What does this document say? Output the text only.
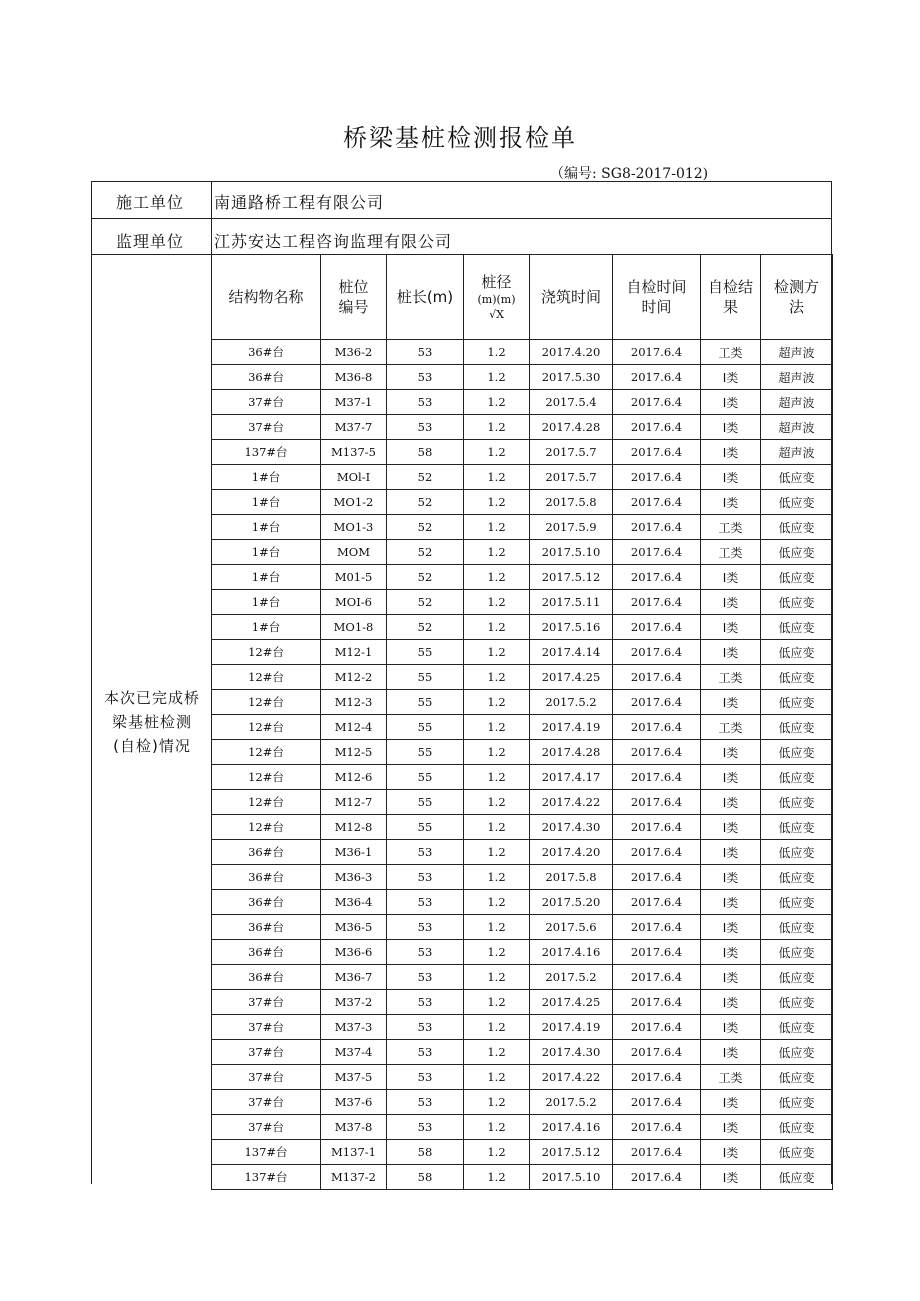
桥梁基桩检测报检单
（编号: SG8-2017-012)
施工单位 南通路桥工程有限公司
监理单位 江苏安达工程咨询监理有限公司
本次已完成桥
梁基桩检测
(自检)情况
结构物名称	桩位编号	桩长(m)	桩径
(m)(m)
√X	浇筑时间	自检时间时间	自检结果	检测方法
36#台	M36-2	53	1.2	2017.4.20	2017.6.4	工类	超声波
36#台	M36-8	53	1.2	2017.5.30	2017.6.4	I类	超声波
37#台	M37-1	53	1.2	2017.5.4	2017.6.4	I类	超声波
37#台	M37-7	53	1.2	2017.4.28	2017.6.4	I类	超声波
137#台	M137-5	58	1.2	2017.5.7	2017.6.4	I类	超声波
1#台	MOl-I	52	1.2	2017.5.7	2017.6.4	I类	低应变
1#台	MO1-2	52	1.2	2017.5.8	2017.6.4	I类	低应变
1#台	MO1-3	52	1.2	2017.5.9	2017.6.4	工类	低应变
1#台	MOM	52	1.2	2017.5.10	2017.6.4	工类	低应变
1#台	M01-5	52	1.2	2017.5.12	2017.6.4	I类	低应变
1#台	MOI-6	52	1.2	2017.5.11	2017.6.4	I类	低应变
1#台	MO1-8	52	1.2	2017.5.16	2017.6.4	I类	低应变
12#台	M12-1	55	1.2	2017.4.14	2017.6.4	I类	低应变
12#台	M12-2	55	1.2	2017.4.25	2017.6.4	工类	低应变
12#台	M12-3	55	1.2	2017.5.2	2017.6.4	I类	低应变
12#台	M12-4	55	1.2	2017.4.19	2017.6.4	工类	低应变
12#台	M12-5	55	1.2	2017.4.28	2017.6.4	I类	低应变
12#台	M12-6	55	1.2	2017.4.17	2017.6.4	I类	低应变
12#台	M12-7	55	1.2	2017.4.22	2017.6.4	I类	低应变
12#台	M12-8	55	1.2	2017.4.30	2017.6.4	I类	低应变
36#台	M36-1	53	1.2	2017.4.20	2017.6.4	I类	低应变
36#台	M36-3	53	1.2	2017.5.8	2017.6.4	I类	低应变
36#台	M36-4	53	1.2	2017.5.20	2017.6.4	I类	低应变
36#台	M36-5	53	1.2	2017.5.6	2017.6.4	I类	低应变
36#台	M36-6	53	1.2	2017.4.16	2017.6.4	I类	低应变
36#台	M36-7	53	1.2	2017.5.2	2017.6.4	I类	低应变
37#台	M37-2	53	1.2	2017.4.25	2017.6.4	I类	低应变
37#台	M37-3	53	1.2	2017.4.19	2017.6.4	I类	低应变
37#台	M37-4	53	1.2	2017.4.30	2017.6.4	I类	低应变
37#台	M37-5	53	1.2	2017.4.22	2017.6.4	工类	低应变
37#台	M37-6	53	1.2	2017.5.2	2017.6.4	I类	低应变
37#台	M37-8	53	1.2	2017.4.16	2017.6.4	I类	低应变
137#台	M137-1	58	1.2	2017.5.12	2017.6.4	I类	低应变
137#台	M137-2	58	1.2	2017.5.10	2017.6.4	I类	低应变
